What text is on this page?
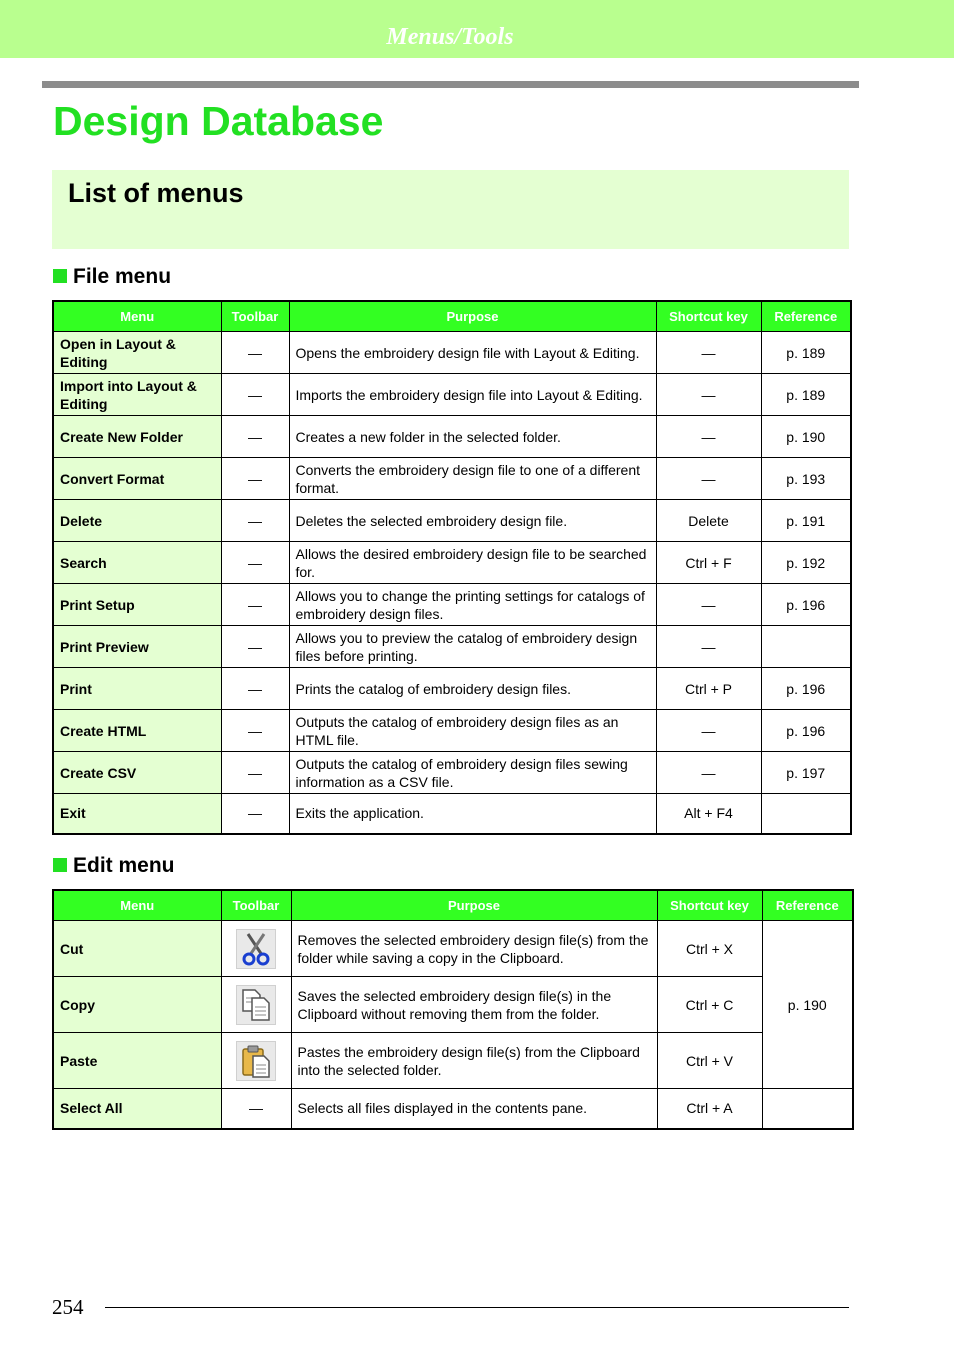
Menus/Tools
Design Database
List of menus
File menu
Menu	Toolbar	Purpose	Shortcut key	Reference
Open in Layout & Editing	—	Opens the embroidery design file with Layout & Editing.	—	p. 189
Import into Layout & Editing	—	Imports the embroidery design file into Layout & Editing.	—	p. 189
Create New Folder	—	Creates a new folder in the selected folder.	—	p. 190
Convert Format	—	Converts the embroidery design file to one of a different format.	—	p. 193
Delete	—	Deletes the selected embroidery design file.	Delete	p. 191
Search	—	Allows the desired embroidery design file to be searched for.	Ctrl + F	p. 192
Print Setup	—	Allows you to change the printing settings for catalogs of embroidery design files.	—	p. 196
Print Preview	—	Allows you to preview the catalog of embroidery design files before printing.	—	
Print	—	Prints the catalog of embroidery design files.	Ctrl + P	p. 196
Create HTML	—	Outputs the catalog of embroidery design files as an HTML file.	—	p. 196
Create CSV	—	Outputs the catalog of embroidery design files sewing information as a CSV file.	—	p. 197
Exit	—	Exits the application.	Alt + F4	
Edit menu
Menu	Toolbar	Purpose	Shortcut key	Reference
Cut		Removes the selected embroidery design file(s) from the folder while saving a copy in the Clipboard.	Ctrl + X	p. 190
Copy		Saves the selected embroidery design file(s) in the Clipboard without removing them from the folder.	Ctrl + C	
Paste		Pastes the embroidery design file(s) from the Clipboard into the selected folder.	Ctrl + V	
Select All	—	Selects all files displayed in the contents pane.	Ctrl + A	
254
